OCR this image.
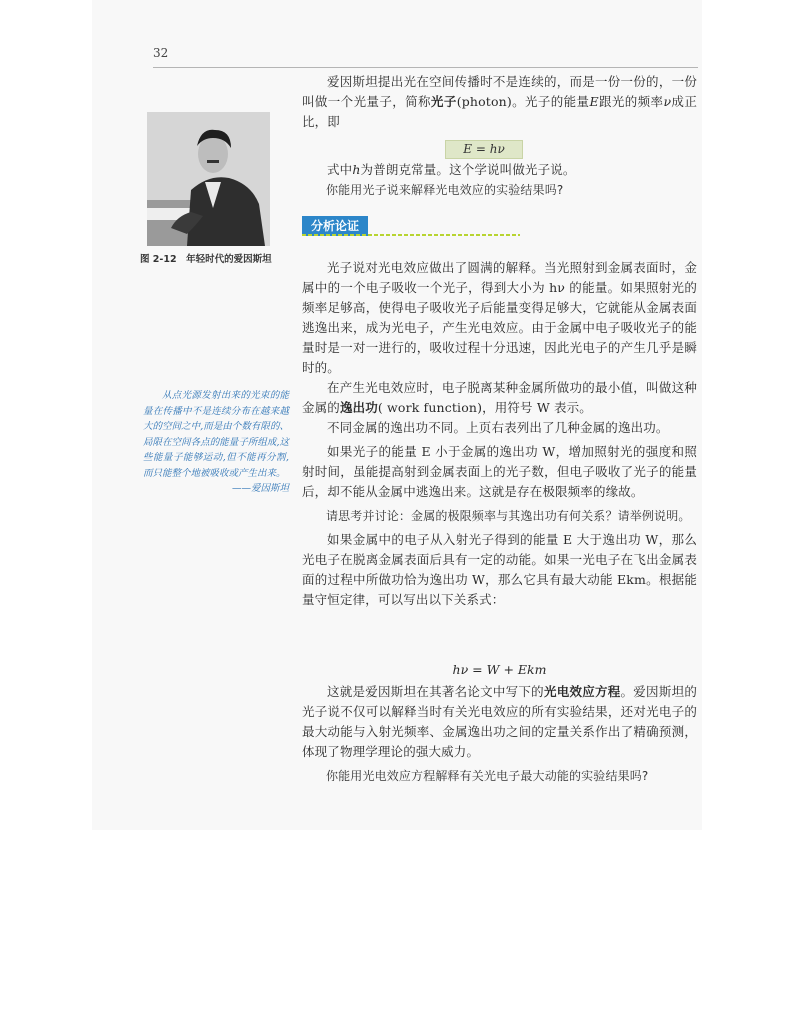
32
图 2-12　年轻时代的爱因斯坦
从点光源发射出来的光束的能量在传播中不是连续分布在越来越大的空间之中,而是由个数有限的、局限在空间各点的能量子所组成,这些能量子能够运动,但不能再分割,而只能整个地被吸收或产生出来。
——爱因斯坦

爱因斯坦提出光在空间传播时不是连续的，而是一份一份的，一份叫做一个光量子，简称光子(photon)。光子的能量E跟光的频率ν成正比，即

E = hν

式中h为普朗克常量。这个学说叫做光子说。

你能用光子说来解释光电效应的实验结果吗?

分析论证

光子说对光电效应做出了圆满的解释。当光照射到金属表面时，金属中的一个电子吸收一个光子，得到大小为 hν 的能量。如果照射光的频率足够高，使得电子吸收光子后能量变得足够大，它就能从金属表面逃逸出来，成为光电子，产生光电效应。由于金属中电子吸收光子的能量时是一对一进行的，吸收过程十分迅速，因此光电子的产生几乎是瞬时的。

在产生光电效应时，电子脱离某种金属所做功的最小值，叫做这种金属的逸出功( work function)，用符号 W 表示。

不同金属的逸出功不同。上页右表列出了几种金属的逸出功。

如果光子的能量 E 小于金属的逸出功 W，增加照射光的强度和照射时间，虽能提高射到金属表面上的光子数，但电子吸收了光子的能量后，却不能从金属中逃逸出来。这就是存在极限频率的缘故。

请思考并讨论：金属的极限频率与其逸出功有何关系？请举例说明。

如果金属中的电子从入射光子得到的能量 E 大于逸出功 W，那么光电子在脱离金属表面后具有一定的动能。如果一光电子在飞出金属表面的过程中所做功恰为逸出功 W，那么它具有最大动能 Ekm。根据能量守恒定律，可以写出以下关系式：

hν = W + Ekm

这就是爱因斯坦在其著名论文中写下的光电效应方程。爱因斯坦的光子说不仅可以解释当时有关光电效应的所有实验结果，还对光电子的最大动能与入射光频率、金属逸出功之间的定量关系作出了精确预测，体现了物理学理论的强大威力。

你能用光电效应方程解释有关光电子最大动能的实验结果吗?
